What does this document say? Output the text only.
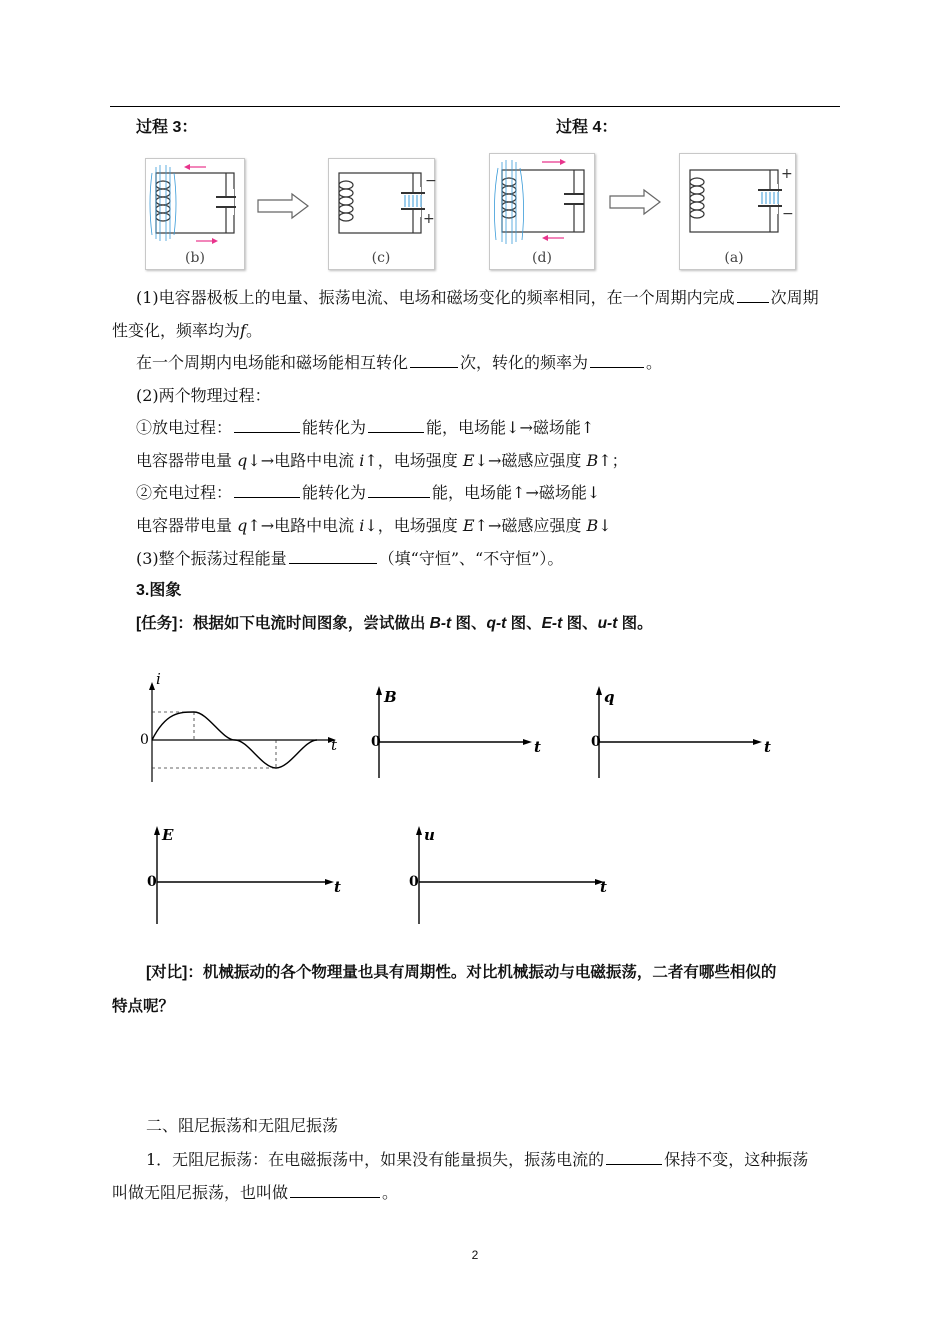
过程 3：	过程 4：
(b)
−
+
(c)	(d)
+
−
(a)
(1)电容器极板上的电量、振荡电流、电场和磁场变化的频率相同，在一个周期内完成 次周期
性变化，频率均为f。
在一个周期内电场能和磁场能相互转化	次，转化的频率为	。
(2)两个物理过程：
①放电过程：	能转化为	能，电场能↓→磁场能↑
电容器带电量 q↓→电路中电流 i↑，电场强度 E↓→磁感应强度 B↑；
②充电过程：	能转化为	能，电场能↑→磁场能↓
电容器带电量 q↑→电路中电流 i↓，电场强度 E↑→磁感应强度 B↓
(3)整个振荡过程能量	（填“守恒”、“不守恒”）。
3.图象
[任务]：根据如下电流时间图象，尝试做出 B-t 图、q-t 图、E-t 图、u-t 图。
i
t
0
B
t
0
q
t
0
E
t
0
u
t
0
[对比]：机械振动的各个物理量也具有周期性。对比机械振动与电磁振荡，二者有哪些相似的
特点呢？
二、阻尼振荡和无阻尼振荡
1．无阻尼振荡：在电磁振荡中，如果没有能量损失，振荡电流的	保持不变，这种振荡
叫做无阻尼振荡，也叫做	。
2
